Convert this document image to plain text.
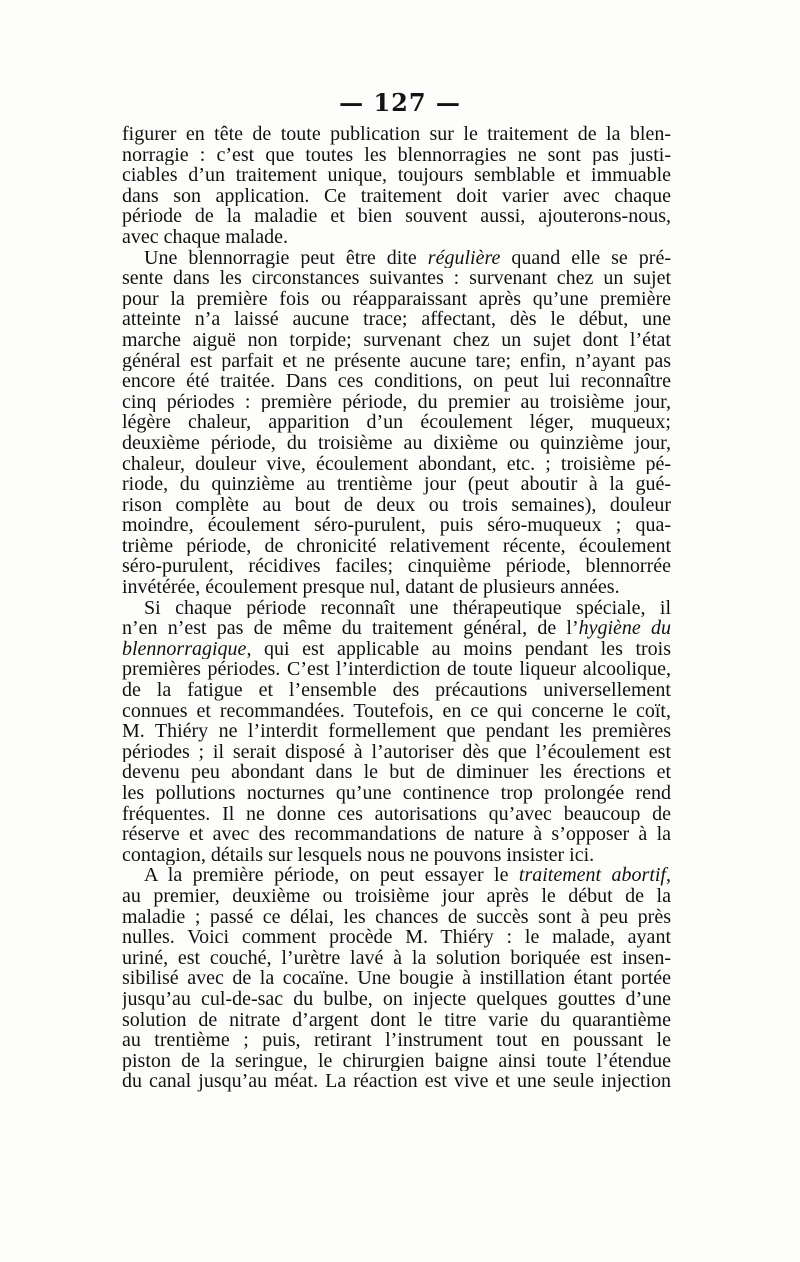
— 127 —
figurer en tête de toute publication sur le traitement de la blen-
norragie : c’est que toutes les blennorragies ne sont pas justi-
ciables d’un traitement unique, toujours semblable et immuable
dans son application. Ce traitement doit varier avec chaque
période de la maladie et bien souvent aussi, ajouterons-nous,
avec chaque malade.
Une blennorragie peut être dite régulière quand elle se pré-
sente dans les circonstances suivantes : survenant chez un sujet
pour la première fois ou réapparaissant après qu’une première
atteinte n’a laissé aucune trace; affectant, dès le début, une
marche aiguë non torpide; survenant chez un sujet dont l’état
général est parfait et ne présente aucune tare; enfin, n’ayant pas
encore été traitée. Dans ces conditions, on peut lui reconnaître
cinq périodes : première période, du premier au troisième jour,
légère chaleur, apparition d’un écoulement léger, muqueux;
deuxième période, du troisième au dixième ou quinzième jour,
chaleur, douleur vive, écoulement abondant, etc. ; troisième pé-
riode, du quinzième au trentième jour (peut aboutir à la gué-
rison complète au bout de deux ou trois semaines), douleur
moindre, écoulement séro-purulent, puis séro-muqueux ; qua-
trième période, de chronicité relativement récente, écoulement
séro-purulent, récidives faciles; cinquième période, blennorrée
invétérée, écoulement presque nul, datant de plusieurs années.
Si chaque période reconnaît une thérapeutique spéciale, il
n’en n’est pas de même du traitement général, de l’hygiène du
blennorragique, qui est applicable au moins pendant les trois
premières périodes. C’est l’interdiction de toute liqueur alcoolique,
de la fatigue et l’ensemble des précautions universellement
connues et recommandées. Toutefois, en ce qui concerne le coït,
M. Thiéry ne l’interdit formellement que pendant les premières
périodes ; il serait disposé à l’autoriser dès que l’écoulement est
devenu peu abondant dans le but de diminuer les érections et
les pollutions nocturnes qu’une continence trop prolongée rend
fréquentes. Il ne donne ces autorisations qu’avec beaucoup de
réserve et avec des recommandations de nature à s’opposer à la
contagion, détails sur lesquels nous ne pouvons insister ici.
A la première période, on peut essayer le traitement abortif,
au premier, deuxième ou troisième jour après le début de la
maladie ; passé ce délai, les chances de succès sont à peu près
nulles. Voici comment procède M. Thiéry : le malade, ayant
uriné, est couché, l’urètre lavé à la solution boriquée est insen-
sibilisé avec de la cocaïne. Une bougie à instillation étant portée
jusqu’au cul-de-sac du bulbe, on injecte quelques gouttes d’une
solution de nitrate d’argent dont le titre varie du quarantième
au trentième ; puis, retirant l’instrument tout en poussant le
piston de la seringue, le chirurgien baigne ainsi toute l’étendue
du canal jusqu’au méat. La réaction est vive et une seule injection
